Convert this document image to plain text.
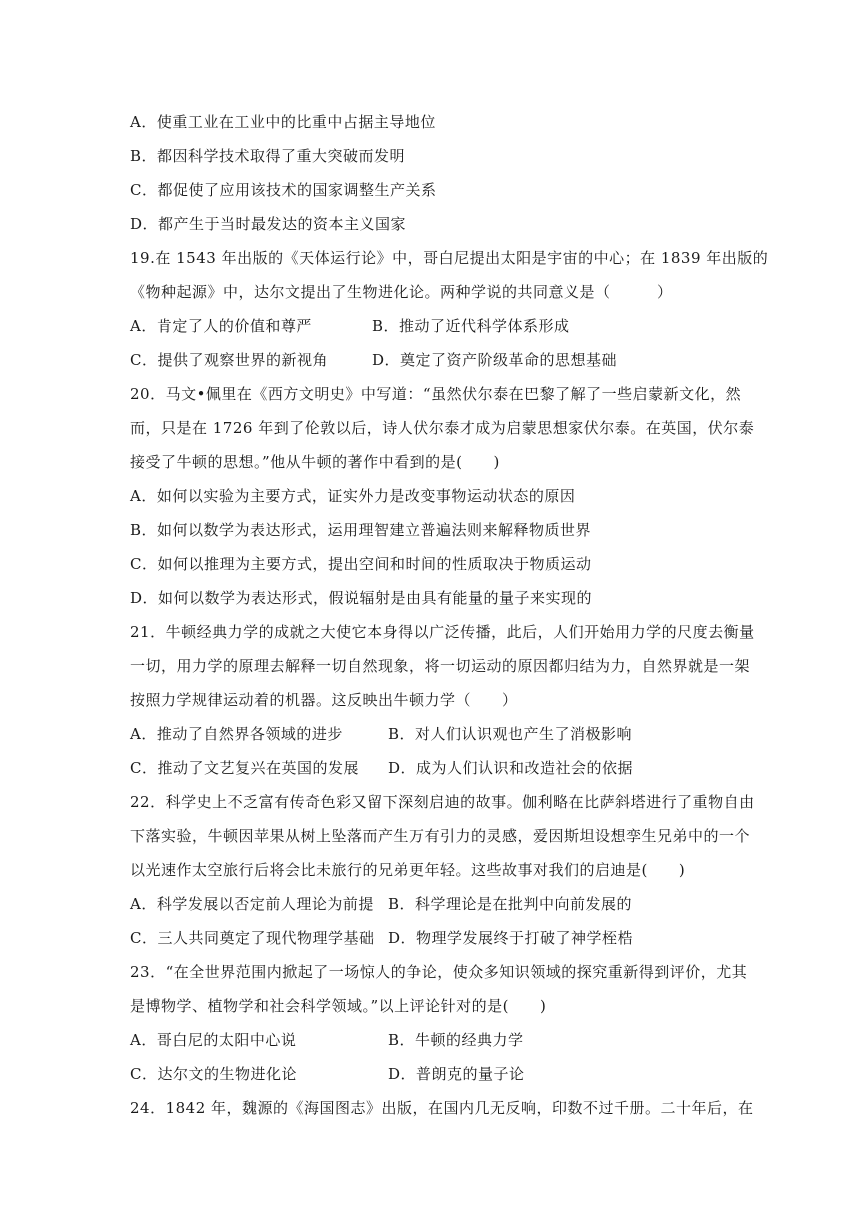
A．使重工业在工业中的比重中占据主导地位
B．都因科学技术取得了重大突破而发明
C．都促使了应用该技术的国家调整生产关系
D．都产生于当时最发达的资本主义国家
19.在 1543 年出版的《天体运行论》中，哥白尼提出太阳是宇宙的中心；在 1839 年出版的
《物种起源》中，达尔文提出了生物进化论。两种学说的共同意义是（　　　）
A．肯定了人的价值和尊严	B．推动了近代科学体系形成
C．提供了观察世界的新视角	D．奠定了资产阶级革命的思想基础
20．马文•佩里在《西方文明史》中写道：“虽然伏尔泰在巴黎了解了一些启蒙新文化，然
而，只是在 1726 年到了伦敦以后，诗人伏尔泰才成为启蒙思想家伏尔泰。在英国，伏尔泰
接受了牛顿的思想。”他从牛顿的著作中看到的是(　　)
A．如何以实验为主要方式，证实外力是改变事物运动状态的原因
B．如何以数学为表达形式，运用理智建立普遍法则来解释物质世界
C．如何以推理为主要方式，提出空间和时间的性质取决于物质运动
D．如何以数学为表达形式，假说辐射是由具有能量的量子来实现的
21．牛顿经典力学的成就之大使它本身得以广泛传播，此后，人们开始用力学的尺度去衡量
一切，用力学的原理去解释一切自然现象，将一切运动的原因都归结为力，自然界就是一架
按照力学规律运动着的机器。这反映出牛顿力学（　　）
A．推动了自然界各领域的进步	B．对人们认识观也产生了消极影响
C．推动了文艺复兴在英国的发展 D．成为人们认识和改造社会的依据
22．科学史上不乏富有传奇色彩又留下深刻启迪的故事。伽利略在比萨斜塔进行了重物自由
下落实验，牛顿因苹果从树上坠落而产生万有引力的灵感，爱因斯坦设想孪生兄弟中的一个
以光速作太空旅行后将会比未旅行的兄弟更年轻。这些故事对我们的启迪是(　　)
A．科学发展以否定前人理论为前提 B．科学理论是在批判中向前发展的
C．三人共同奠定了现代物理学基础 D．物理学发展终于打破了神学桎梏
23．“在全世界范围内掀起了一场惊人的争论，使众多知识领域的探究重新得到评价，尤其
是博物学、植物学和社会科学领域。”以上评论针对的是(　　)
A．哥白尼的太阳中心说	B．牛顿的经典力学
C．达尔文的生物进化论	D．普朗克的量子论
24．1842 年，魏源的《海国图志》出版，在国内几无反响，印数不过千册。二十年后，在
